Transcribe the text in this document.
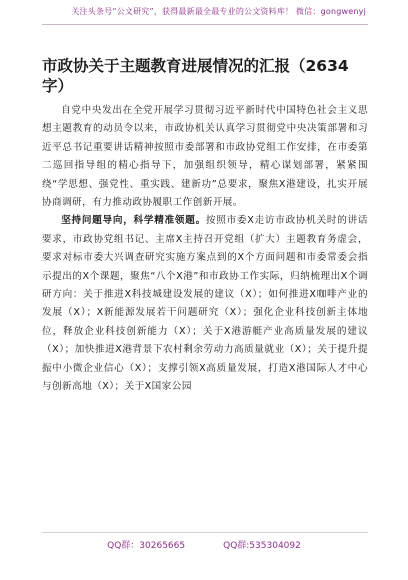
关注头条号“公文研究”，获得最新最全最专业的公文资料库！ 微信：gongwenyj
市政协关于主题教育进展情况的汇报（2634字）

自党中央发出在全党开展学习贯彻习近平新时代中国特色社会主义思想主题教育的动员令以来，市政协机关认真学习贯彻党中央决策部署和习近平总书记重要讲话精神按照市委部署和市政协党组工作安排，在市委第二巡回指导组的精心指导下，加强组织领导，精心谋划部署，紧紧围绕“学思想、强党性、重实践、建新功”总要求，聚焦X港建设，扎实开展协商调研，有力推动政协履职工作创新开展。

坚持问题导向，科学精准领题。按照市委X走访市政协机关时的讲话要求，市政协党组书记、主席X主持召开党组（扩大）主题教育务虚会，要求对标市委大兴调查研究实施方案点到的X个方面问题和市委常委会指示提出的X个课题，聚焦“八个X港”和市政协工作实际，归纳梳理出X个调研方向：关于推进X科技城建设发展的建议（X）；如何推进X咖啡产业的发展（X）；X新能源发展若干问题研究（X）；强化企业科技创新主体地位，释放企业科技创新能力（X）；关于X港游艇产业高质量发展的建议（X）；加快推进X港背景下农村剩余劳动力高质量就业（X）；关于提升提振中小微企业信心（X）；支撑引领X高质量发展，打造X港国际人才中心与创新高地（X）；关于X国家公园

QQ群：30265665	QQ群:535304092
